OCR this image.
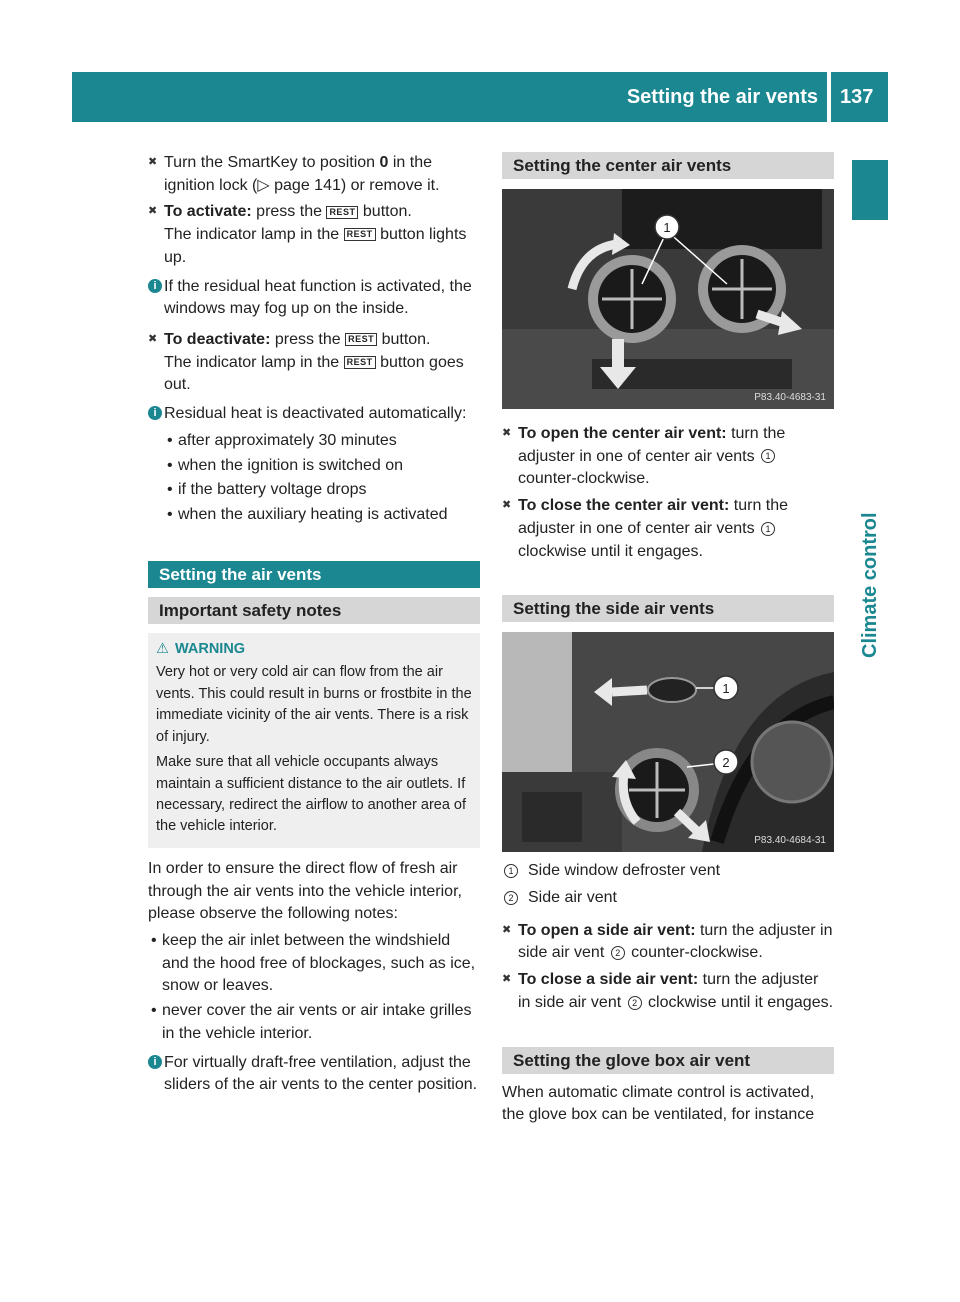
Setting the air vents 137
Climate control
✖ Turn the SmartKey to position 0 in the ignition lock (▷ page 141) or remove it.

✖ To activate: press the REST button.

The indicator lamp in the REST button lights up.

i If the residual heat function is activated, the windows may fog up on the inside.
✖ To deactivate: press the REST button.

The indicator lamp in the REST button goes out.

i Residual heat is deactivated automatically:
• after approximately 30 minutes
• when the ignition is switched on
• if the battery voltage drops
• when the auxiliary heating is activated
Setting the air vents
Important safety notes
⚠ WARNING

Very hot or very cold air can flow from the air vents. This could result in burns or frostbite in the immediate vicinity of the air vents. There is a risk of injury.

Make sure that all vehicle occupants always maintain a sufficient distance to the air outlets. If necessary, redirect the airflow to another area of the vehicle interior.

In order to ensure the direct flow of fresh air through the air vents into the vehicle interior, please observe the following notes:

• keep the air inlet between the windshield and the hood free of blockages, such as ice, snow or leaves.
• never cover the air vents or air intake grilles in the vehicle interior.
i For virtually draft-free ventilation, adjust the sliders of the air vents to the center position.
Setting the center air vents
1
P83.40-4683-31
✖ To open the center air vent: turn the adjuster in one of center air vents 1 counter-clockwise.

✖ To close the center air vent: turn the adjuster in one of center air vents 1 clockwise until it engages.

Setting the side air vents
1
2
P83.40-4684-31
1 Side window defroster vent
2 Side air vent
✖ To open a side air vent: turn the adjuster in side air vent 2 counter-clockwise.

✖ To close a side air vent: turn the adjuster in side air vent 2 clockwise until it engages.

Setting the glove box air vent

When automatic climate control is activated, the glove box can be ventilated, for instance
